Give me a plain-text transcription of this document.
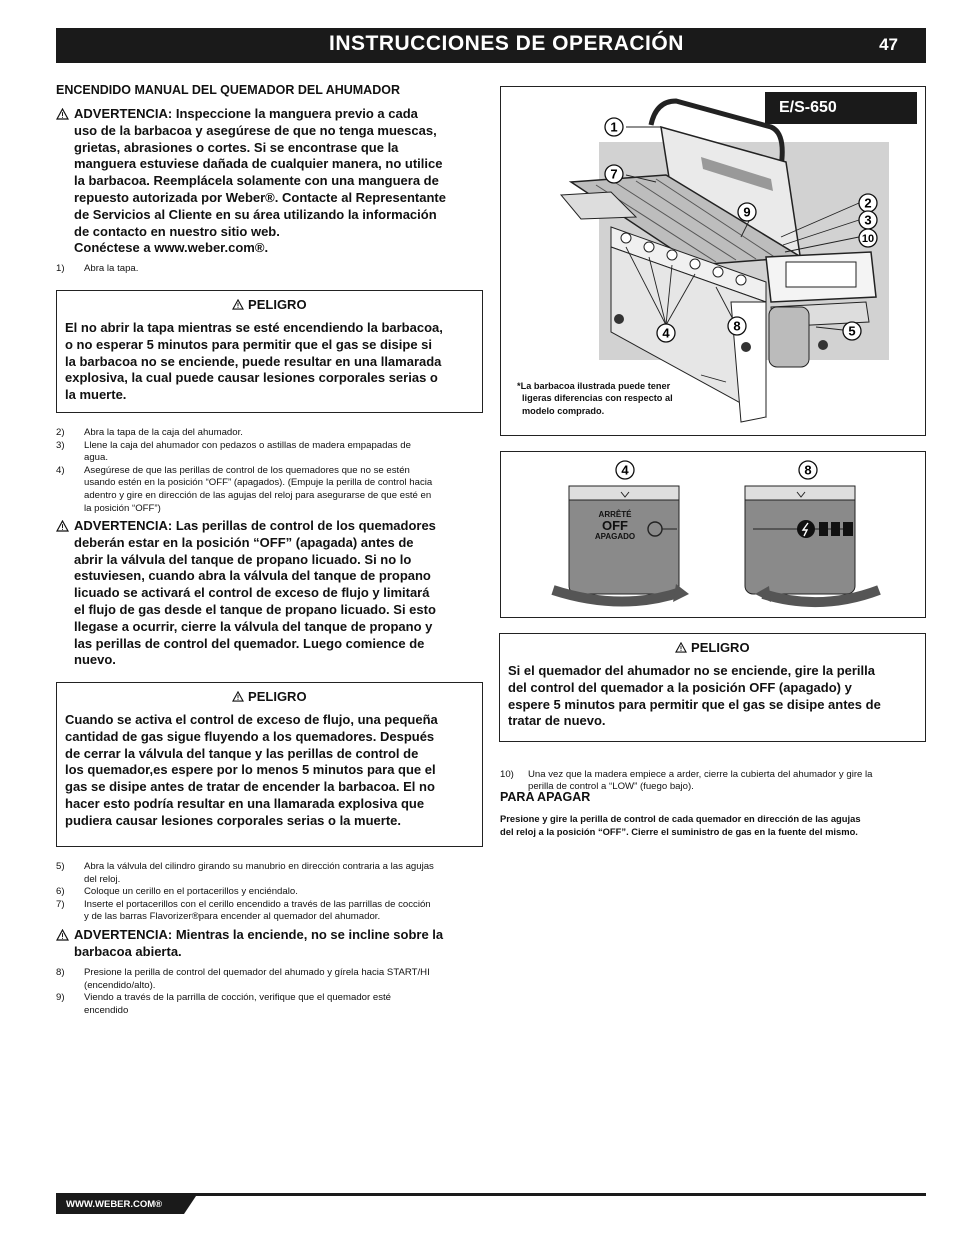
INSTRUCCIONES DE OPERACIÓN	47
ENCENDIDO MANUAL DEL QUEMADOR DEL AHUMADOR
ADVERTENCIA: Inspeccione la manguera previo a cada
uso de la barbacoa y asegúrese de que no tenga muescas,
grietas, abrasiones o cortes. Si se encontrase que la
manguera estuviese dañada de cualquier manera, no utilice
la barbacoa. Reemplácela solamente con una manguera de
repuesto autorizada por Weber®. Contacte al Representante
de Servicios al Cliente en su área utilizando la información
de contacto en nuestro sitio web.
Conéctese a www.weber.com®.
1) Abra la tapa.
PELIGRO
El no abrir la tapa mientras se esté encendiendo la barbacoa,
o no esperar 5 minutos para permitir que el gas se disipe si
la barbacoa no se enciende, puede resultar en una llamarada
explosiva, la cual puede causar lesiones corporales serias o
la muerte.
2) Abra la tapa de la caja del ahumador.
3) Llene la caja del ahumador con pedazos o astillas de madera empapadas de
agua.
4) Asegúrese de que las perillas de control de los quemadores que no se estén
usando estén en la posición “OFF” (apagados). (Empuje la perilla de control hacia
adentro y gire en dirección de las agujas del reloj para asegurarse de que esté en
la posición “OFF”)
ADVERTENCIA: Las perillas de control de los quemadores
deberán estar en la posición “OFF” (apagada) antes de
abrir la válvula del tanque de propano licuado. Si no lo
estuviesen, cuando abra la válvula del tanque de propano
licuado se activará el control de exceso de flujo y limitará
el flujo de gas desde el tanque de propano licuado. Si esto
llegase a ocurrir, cierre la válvula del tanque de propano y
las perillas de control del quemador. Luego comience de
nuevo.
PELIGRO
Cuando se activa el control de exceso de flujo, una pequeña
cantidad de gas sigue fluyendo a los quemadores. Después
de cerrar la válvula del tanque y las perillas de control de
los quemador,es espere por lo menos 5 minutos para que el
gas se disipe antes de tratar de encender la barbacoa. El no
hacer esto podría resultar en una llamarada explosiva que
pudiera causar lesiones corporales serias o la muerte.
5) Abra la válvula del cilindro girando su manubrio en dirección contraria a las agujas
del reloj.
6) Coloque un cerillo en el portacerillos y enciéndalo.
7) Inserte el portacerillos con el cerillo encendido a través de las parrillas de cocción
y de las barras Flavorizer®para encender al quemador del ahumador.
ADVERTENCIA: Mientras la enciende, no se incline sobre la
barbacoa abierta.
8) Presione la perilla de control del quemador del ahumado y gírela hacia START/HI
(encendido/alto).
9) Viendo a través de la parrilla de cocción, verifique que el quemador esté
encendido
E/S-650
1
7
9
2
3
10
4	8	5
*La barbacoa ilustrada puede tener
ligeras diferencias con respecto al
modelo comprado.
ARRÊTÉ
OFF
APAGADO
4	8
PELIGRO
Si el quemador del ahumador no se enciende, gire la perilla
del control del quemador a la posición OFF (apagado) y
espere 5 minutos para permitir que el gas se disipe antes de
tratar de nuevo.
10) Una vez que la madera empiece a arder, cierre la cubierta del ahumador y gire la
perilla de control a “LOW” (fuego bajo).
PARA APAGAR
Presione y gire la perilla de control de cada quemador en dirección de las agujas
del reloj a la posición “OFF”. Cierre el suministro de gas en la fuente del mismo.
WWW.WEBER.COM®
